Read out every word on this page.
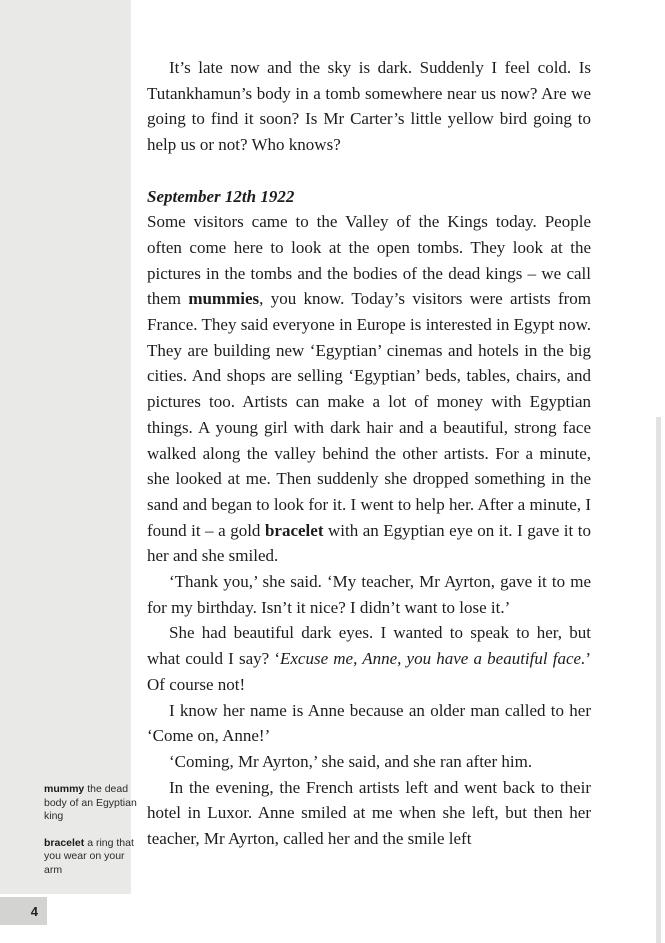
It’s late now and the sky is dark. Suddenly I feel cold. Is Tutankhamun’s body in a tomb somewhere near us now? Are we going to find it soon? Is Mr Carter’s little yellow bird going to help us or not? Who knows?

September 12th 1922

Some visitors came to the Valley of the Kings today. People often come here to look at the open tombs. They look at the pictures in the tombs and the bodies of the dead kings – we call them mummies, you know. Today’s visitors were artists from France. They said everyone in Europe is interested in Egypt now. They are building new ‘Egyptian’ cinemas and hotels in the big cities. And shops are selling ‘Egyptian’ beds, tables, chairs, and pictures too. Artists can make a lot of money with Egyptian things. A young girl with dark hair and a beautiful, strong face walked along the valley behind the other artists. For a minute, she looked at me. Then suddenly she dropped something in the sand and began to look for it. I went to help her. After a minute, I found it – a gold bracelet with an Egyptian eye on it. I gave it to her and she smiled.

‘Thank you,’ she said. ‘My teacher, Mr Ayrton, gave it to me for my birthday. Isn’t it nice? I didn’t want to lose it.’

She had beautiful dark eyes. I wanted to speak to her, but what could I say? ‘Excuse me, Anne, you have a beautiful face.’ Of course not!

I know her name is Anne because an older man called to her ‘Come on, Anne!’

‘Coming, Mr Ayrton,’ she said, and she ran after him.

In the evening, the French artists left and went back to their hotel in Luxor. Anne smiled at me when she left, but then her teacher, Mr Ayrton, called her and the smile left

mummy the dead body of an Egyptian king

bracelet a ring that you wear on your arm

4
